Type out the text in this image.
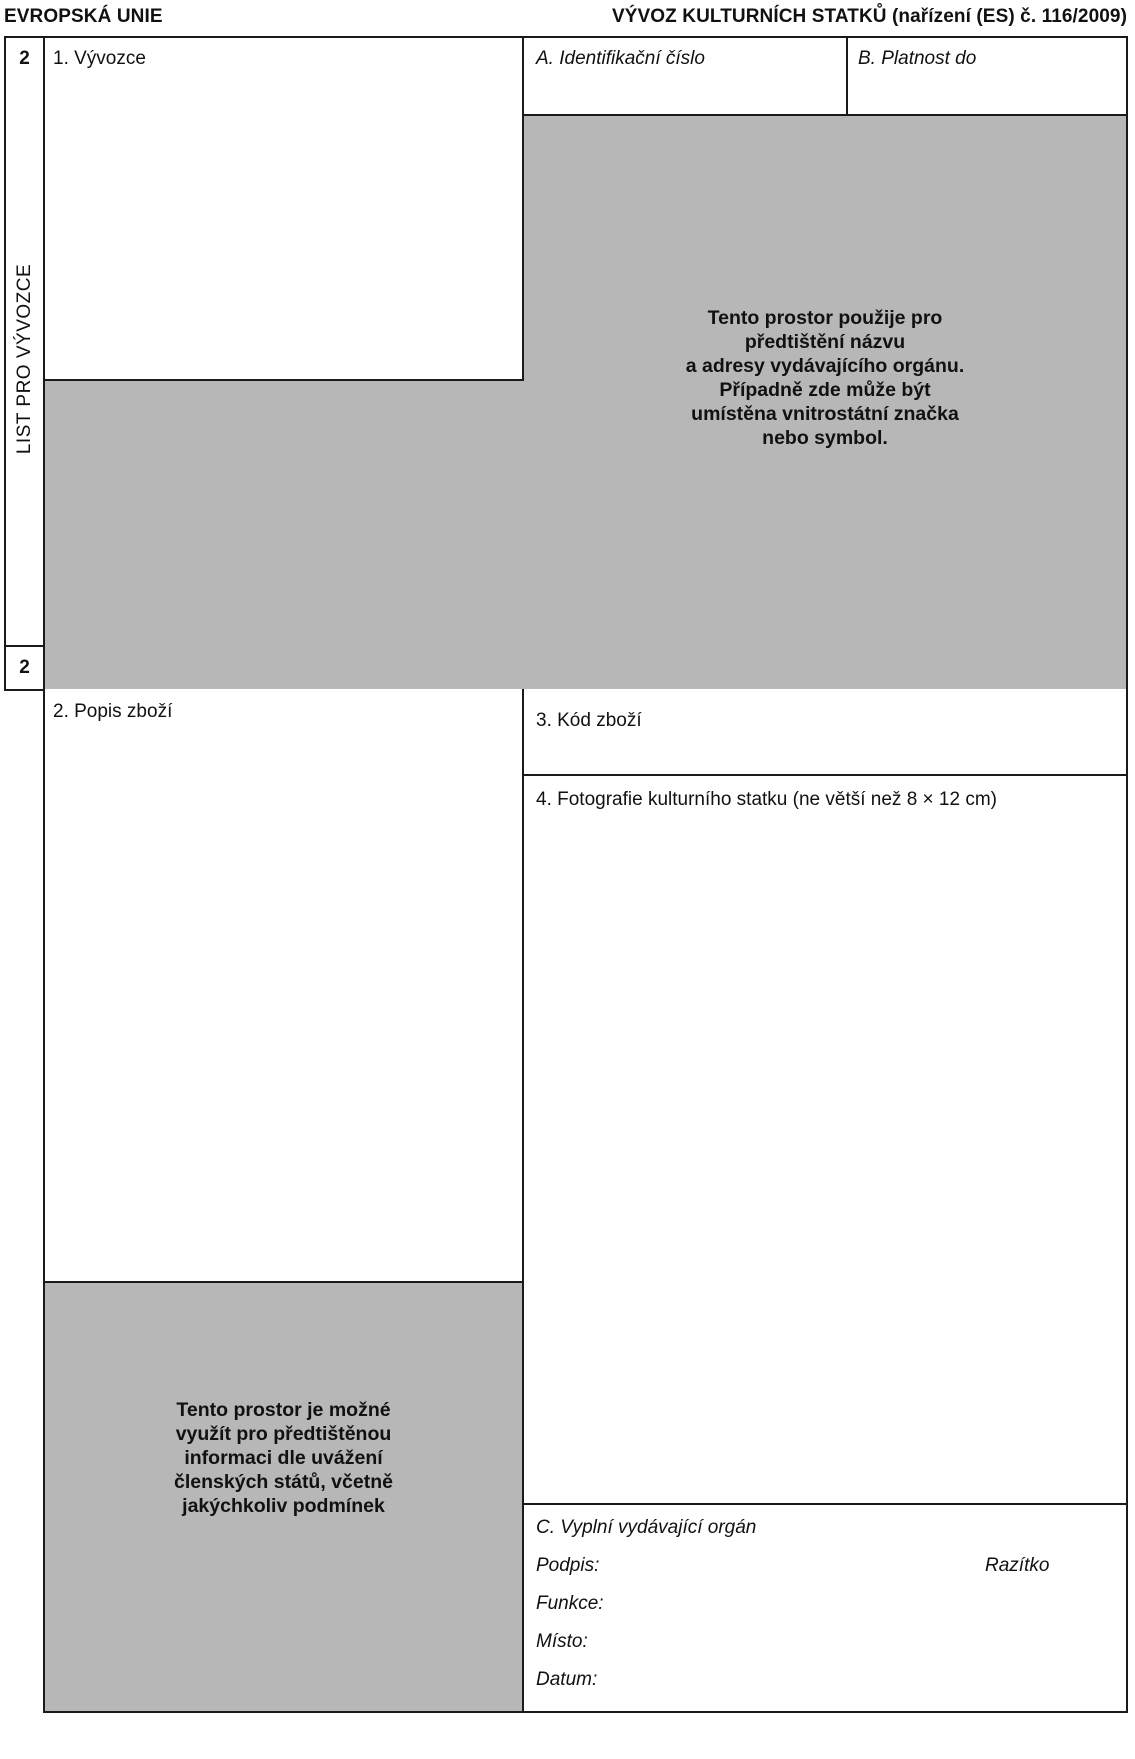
EVROPSKÁ UNIE	VÝVOZ KULTURNÍCH STATKŮ (nařízení (ES) č. 116/2009)
2
LIST PRO VÝVOZCE
2
1. Vývozce	A. Identifikační číslo	B. Platnost do
Tento prostor použije pro
předtištění názvu
a adresy vydávajícího orgánu.
Případně zde může být
umístěna vnitrostátní značka
nebo symbol.
2. Popis zboží
Tento prostor je možné
využít pro předtištěnou
informaci dle uvážení
členských států, včetně
jakýchkoliv podmínek
3. Kód zboží
4. Fotografie kulturního statku (ne větší než 8 × 12 cm)
C. Vyplní vydávající orgán
Podpis:	Razítko
Funkce:
Místo:
Datum:
